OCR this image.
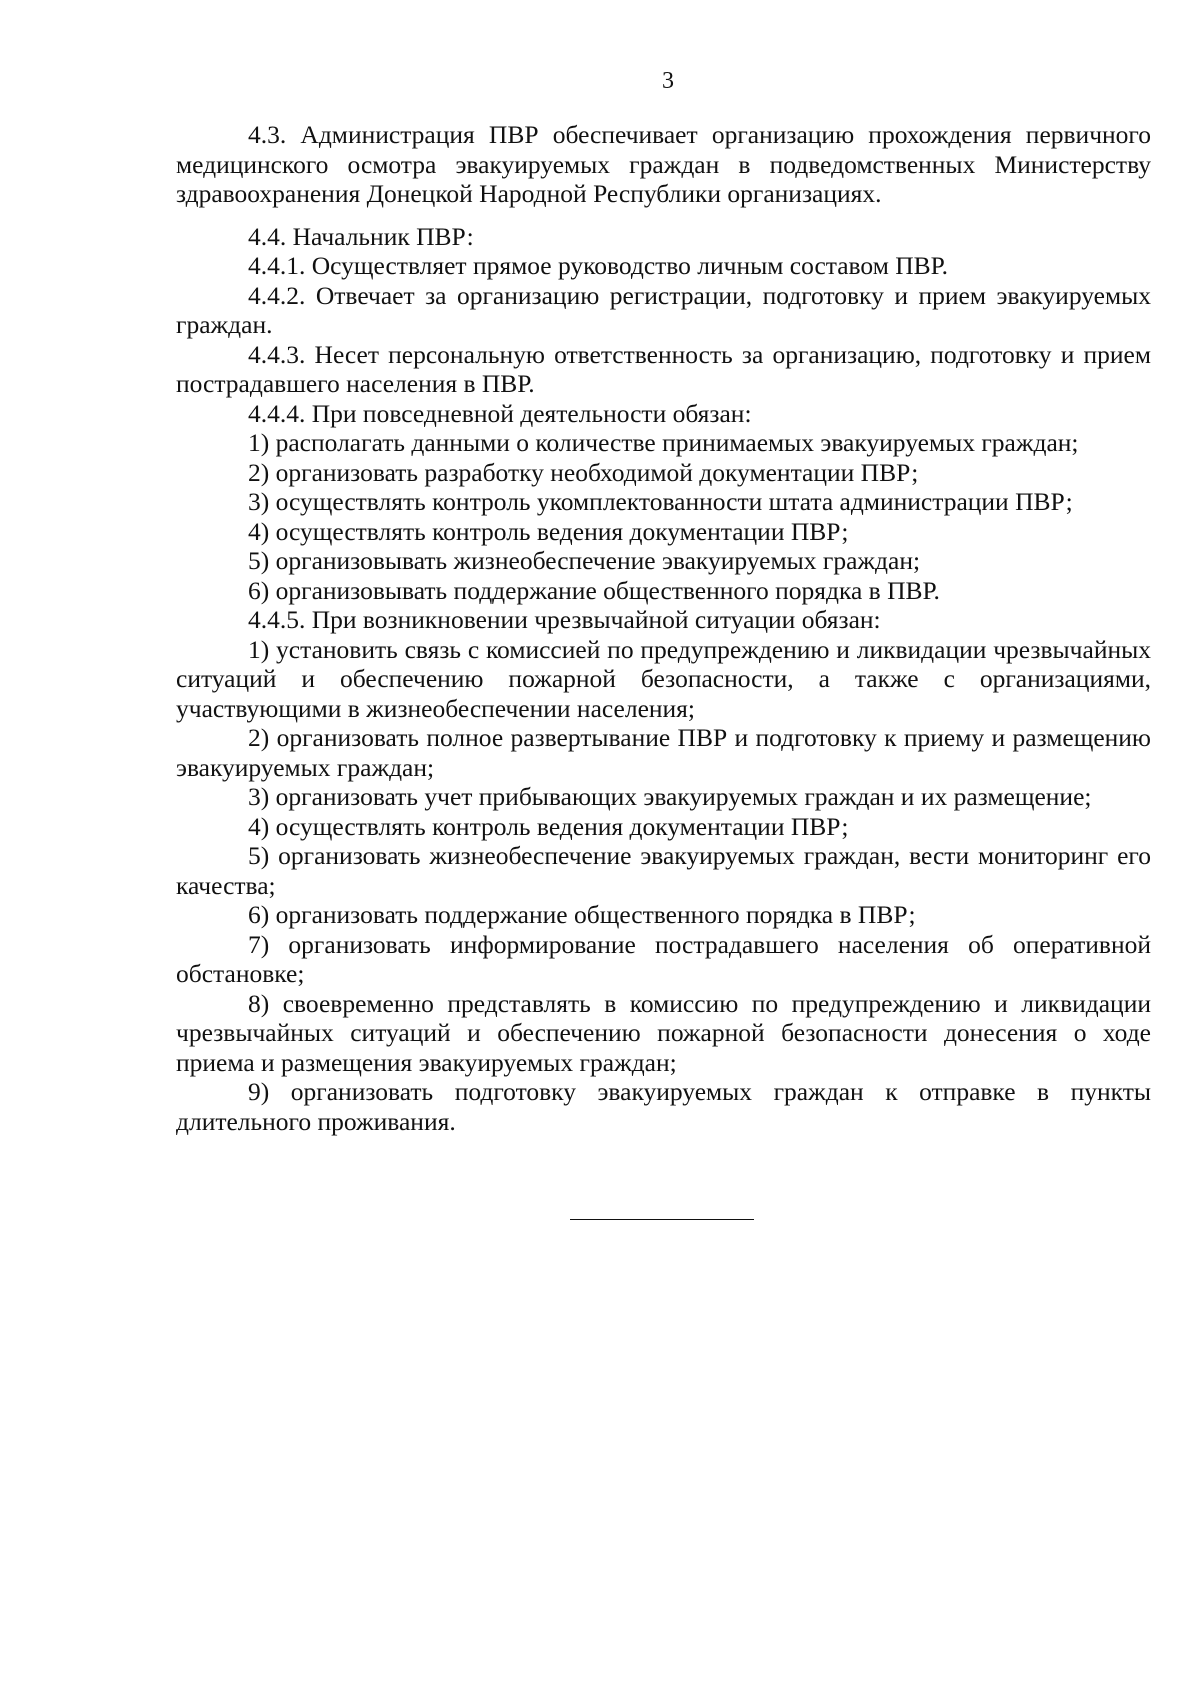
3

4.3. Администрация ПВР обеспечивает организацию прохождения первичного медицинского осмотра эвакуируемых граждан в подведомственных Министерству здравоохранения Донецкой Народной Республики организациях.

4.4. Начальник ПВР:

4.4.1. Осуществляет прямое руководство личным составом ПВР.

4.4.2. Отвечает за организацию регистрации, подготовку и прием эвакуируемых граждан.

4.4.3. Несет персональную ответственность за организацию, подготовку и прием пострадавшего населения в ПВР.

4.4.4. При повседневной деятельности обязан:

1) располагать данными о количестве принимаемых эвакуируемых граждан;

2) организовать разработку необходимой документации ПВР;

3) осуществлять контроль укомплектованности штата администрации ПВР;

4) осуществлять контроль ведения документации ПВР;

5) организовывать жизнеобеспечение эвакуируемых граждан;

6) организовывать поддержание общественного порядка в ПВР.

4.4.5. При возникновении чрезвычайной ситуации обязан:

1) установить связь с комиссией по предупреждению и ликвидации чрезвычайных ситуаций и обеспечению пожарной безопасности, а также с организациями, участвующими в жизнеобеспечении населения;

2) организовать полное развертывание ПВР и подготовку к приему и размещению эвакуируемых граждан;

3) организовать учет прибывающих эвакуируемых граждан и их размещение;

4) осуществлять контроль ведения документации ПВР;

5) организовать жизнеобеспечение эвакуируемых граждан, вести мониторинг его качества;

6) организовать поддержание общественного порядка в ПВР;

7) организовать информирование пострадавшего населения об оперативной обстановке;

8) своевременно представлять в комиссию по предупреждению и ликвидации чрезвычайных ситуаций и обеспечению пожарной безопасности донесения о ходе приема и размещения эвакуируемых граждан;

9) организовать подготовку эвакуируемых граждан к отправке в пункты длительного проживания.
